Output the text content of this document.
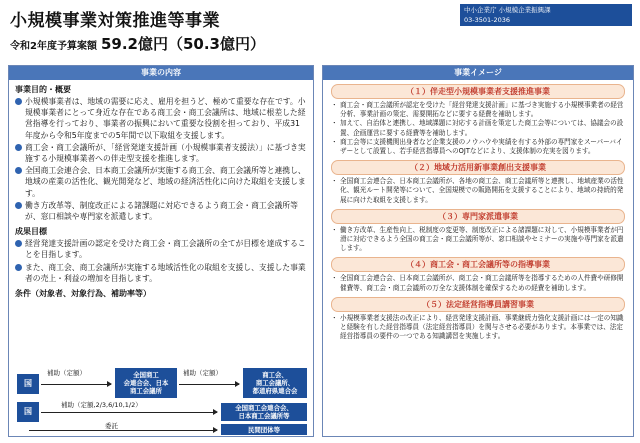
小規模事業対策推進等事業
令和2年度予算案額 59.2億円（50.3億円）
中小企業庁 小規模企業振興課
03-3501-2036
事業の内容
事業目的・概要
小規模事業者は、地域の需要に応え、雇用を担うど、極めて重要な存在です。小規模事業者にとって身近な存在である商工会・商工会議所は、地域に根差した経営指導を行っており、事業者の振興において重要な役割を担っており、平成31年度から令和5年度までの5年間で以下取組を支援します。
商工会・商工会議所が、「経営発達支援計画（小規模事業者支援法）」に基づき実施する小規模事業者への伴走型支援を推進します。
全国商工会連合会、日本商工会議所が実施する商工会、商工会議所等と連携し、地域の産業の活性化、観光開発など、地域の経済活性化に向けた取組を支援します。
働き方改革等、制度改正による諸課題に対応できるよう商工会・商工会議所等が、窓口相談や専門家を派遣します。
成果目標
経営発達支援計画の認定を受けた商工会・商工会議所の全てが目標を達成することを目指します。
また、商工会、商工会議所が実施する地域活性化の取組を支援し、支援した事業者の売上・利益の増加を目指します。
条件（対象者、対象行為、補助率等）
国
補助（定額）	全国商工
会連合会、日本
商工会議所
補助（定額）	商工会、
商工会議所、
都道府県連合会
国
補助（定額,2/3,6/10,1/2）	全国商工会連合会、
日本商工会議所等
委託	民間団体等
事業イメージ
（１）伴走型小規模事業者支援推進事業
・ 商工会・商工会議所が認定を受けた「経営発達支援計画」に基づき実施する小規模事業者の経営分析、事業計画の策定、需要開拓などに要する経費を補助します。
・ 加えて、自治体と連携し、地域課題に対応する計画を策定した商工会等については、協議会の設置、企画運営に要する経費等を補助します。
・ 商工会等に支援機関出身者など企業支援のノウハウや実績を有する外部の専門家をスーパーバイザーとして設置し、若手経営指導員へのOJTなどにより、支援体制の充実を図ります。
（２）地域力活用新事業創出支援事業
・ 全国商工会連合会、日本商工会議所が、各地の商工会、商工会議所等と連携し、地域産業の活性化、観光ルート開発等について、全国規模での販路開拓を支援することにより、地域の持続的発展に向けた取組を支援します。
（３）専門家派遣事業
・ 働き方改革、生産性向上、税制度の変更等、制度改正による諸課題に対して、小規模事業者が円滑に対応できるよう全国の商工会・商工会議所等が、窓口相談やセミナーの実施や専門家を派遣します。
（４）商工会・商工会議所等の指導事業
・ 全国商工会連合会、日本商工会議所が、商工会・商工会議所等を指導するための人件費や研修開催費等、商工会・商工会議所の万全な支援体制を確保するための経費を補助します。
（５）法定経営指導員講習事業
・ 小規模事業者支援法の改正により、経営発達支援計画、事業継続力強化支援計画には一定の知識と経験を有した経営指導員（法定経営指導員）を関与させる必要があります。本事業では、法定経営指導員の要件の一つである知識講習を実施します。
